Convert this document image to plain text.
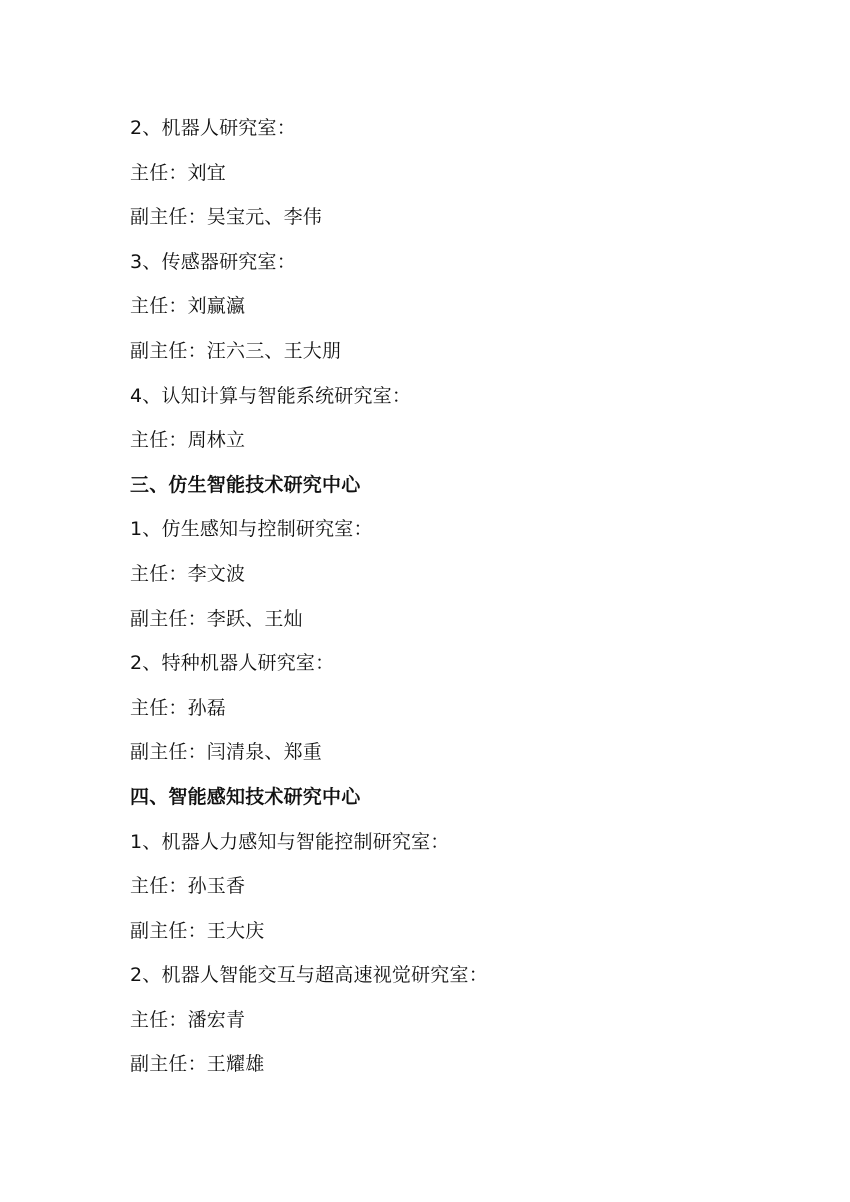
2、机器人研究室：
主任：刘宜
副主任：吴宝元、李伟
3、传感器研究室：
主任：刘赢瀛
副主任：汪六三、王大朋
4、认知计算与智能系统研究室：
主任：周林立
三、仿生智能技术研究中心
1、仿生感知与控制研究室：
主任：李文波
副主任：李跃、王灿
2、特种机器人研究室：
主任：孙磊
副主任：闫清泉、郑重
四、智能感知技术研究中心
1、机器人力感知与智能控制研究室：
主任：孙玉香
副主任：王大庆
2、机器人智能交互与超高速视觉研究室：
主任：潘宏青
副主任：王耀雄
